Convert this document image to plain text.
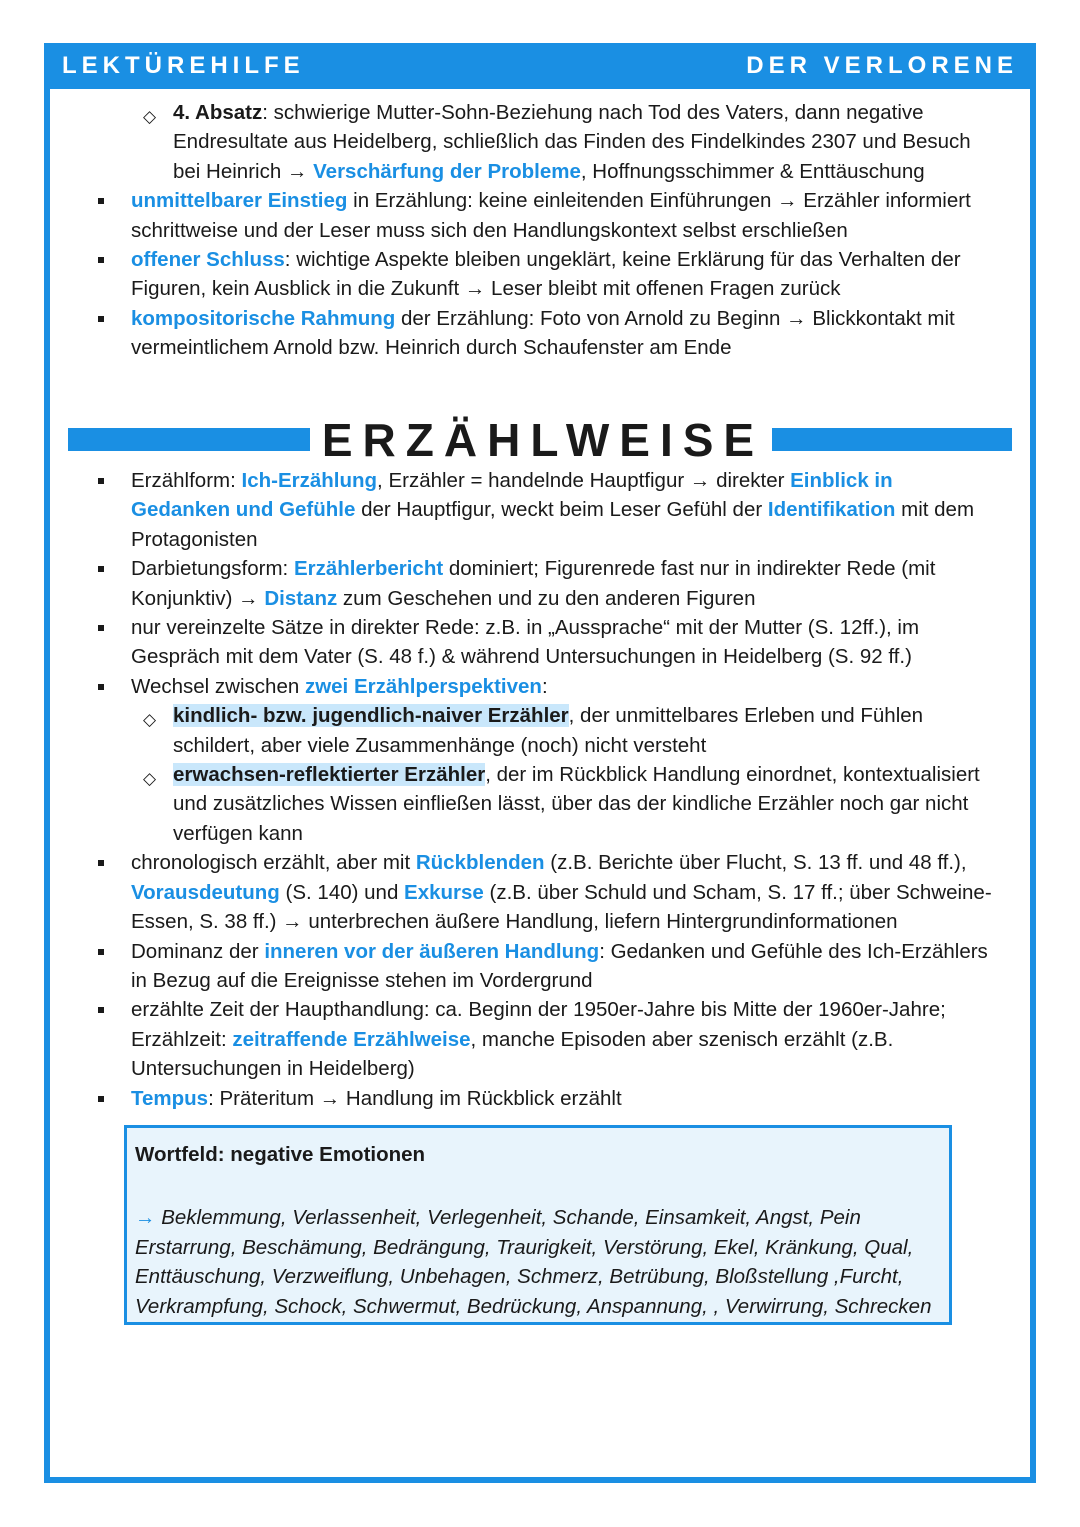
LEKTÜREHILFE	DER VERLORENE
◇ 4. Absatz: schwierige Mutter-Sohn-Beziehung nach Tod des Vaters, dann negative
Endresultate aus Heidelberg, schließlich das Finden des Findelkindes 2307 und Besuch
bei Heinrich → Verschärfung der Probleme, Hoffnungsschimmer & Enttäuschung
unmittelbarer Einstieg in Erzählung: keine einleitenden Einführungen → Erzähler informiert
schrittweise und der Leser muss sich den Handlungskontext selbst erschließen
offener Schluss: wichtige Aspekte bleiben ungeklärt, keine Erklärung für das Verhalten der
Figuren, kein Ausblick in die Zukunft → Leser bleibt mit offenen Fragen zurück
kompositorische Rahmung der Erzählung: Foto von Arnold zu Beginn → Blickkontakt mit
vermeintlichem Arnold bzw. Heinrich durch Schaufenster am Ende
ERZÄHLWEISE
Erzählform: Ich-Erzählung, Erzähler = handelnde Hauptfigur → direkter Einblick in
Gedanken und Gefühle der Hauptfigur, weckt beim Leser Gefühl der Identifikation mit dem
Protagonisten
Darbietungsform: Erzählerbericht dominiert; Figurenrede fast nur in indirekter Rede (mit
Konjunktiv) → Distanz zum Geschehen und zu den anderen Figuren
nur vereinzelte Sätze in direkter Rede: z.B. in „Aussprache“ mit der Mutter (S. 12ff.), im
Gespräch mit dem Vater (S. 48 f.) & während Untersuchungen in Heidelberg (S. 92 ff.)
Wechsel zwischen zwei Erzählperspektiven:
◇ kindlich- bzw. jugendlich-naiver Erzähler, der unmittelbares Erleben und Fühlen
schildert, aber viele Zusammenhänge (noch) nicht versteht
◇ erwachsen-reflektierter Erzähler, der im Rückblick Handlung einordnet, kontextualisiert
und zusätzliches Wissen einfließen lässt, über das der kindliche Erzähler noch gar nicht
verfügen kann
chronologisch erzählt, aber mit Rückblenden (z.B. Berichte über Flucht, S. 13 ff. und 48 ff.),
Vorausdeutung (S. 140) und Exkurse (z.B. über Schuld und Scham, S. 17 ff.; über Schweine-
Essen, S. 38 ff.) → unterbrechen äußere Handlung, liefern Hintergrundinformationen
Dominanz der inneren vor der äußeren Handlung: Gedanken und Gefühle des Ich-Erzählers
in Bezug auf die Ereignisse stehen im Vordergrund
erzählte Zeit der Haupthandlung: ca. Beginn der 1950er-Jahre bis Mitte der 1960er-Jahre;
Erzählzeit: zeitraffende Erzählweise, manche Episoden aber szenisch erzählt (z.B.
Untersuchungen in Heidelberg)
Tempus: Präteritum → Handlung im Rückblick erzählt
Wortfeld: negative Emotionen
→ Beklemmung, Verlassenheit, Verlegenheit, Schande, Einsamkeit, Angst, Pein
Erstarrung, Beschämung, Bedrängung, Traurigkeit, Verstörung, Ekel, Kränkung, Qual,
Enttäuschung, Verzweiflung, Unbehagen, Schmerz, Betrübung, Bloßstellung ,Furcht,
Verkrampfung, Schock, Schwermut, Bedrückung, Anspannung, , Verwirrung, Schrecken
